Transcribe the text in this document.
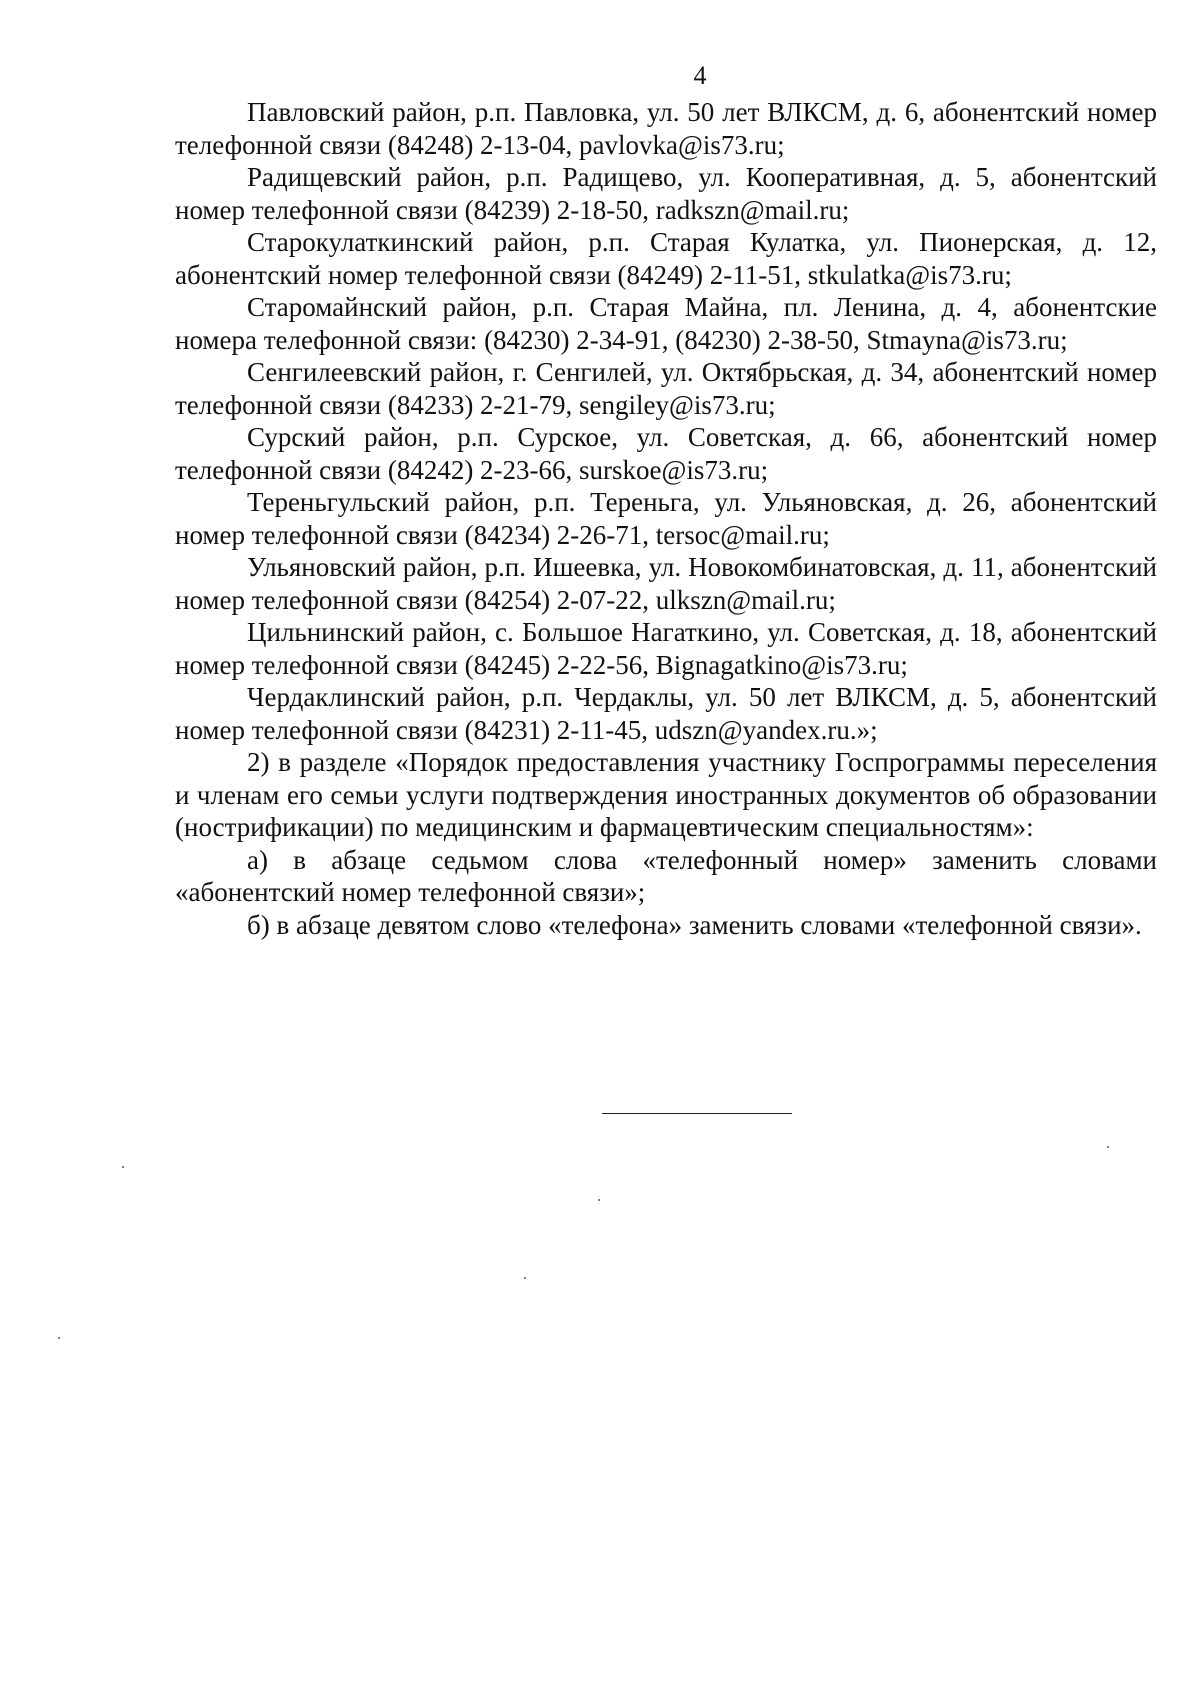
4

Павловский район, р.п. Павловка, ул. 50 лет ВЛКСМ, д. 6, абонентский номер телефонной связи (84248) 2-13-04, pavlovka@is73.ru;

Радищевский район, р.п. Радищево, ул. Кооперативная, д. 5, абонентский номер телефонной связи (84239) 2-18-50, radkszn@mail.ru;

Старокулаткинский район, р.п. Старая Кулатка, ул. Пионерская, д. 12, абонентский номер телефонной связи (84249) 2-11-51, stkulatka@is73.ru;

Старомайнский район, р.п. Старая Майна, пл. Ленина, д. 4, абонентские номера телефонной связи: (84230) 2-34-91, (84230) 2-38-50, Stmayna@is73.ru;

Сенгилеевский район, г. Сенгилей, ул. Октябрьская, д. 34, абонентский номер телефонной связи (84233) 2-21-79, sengiley@is73.ru;

Сурский район, р.п. Сурское, ул. Советская, д. 66, абонентский номер телефонной связи (84242) 2-23-66, surskoe@is73.ru;

Тереньгульский район, р.п. Тереньга, ул. Ульяновская, д. 26, абонентский номер телефонной связи (84234) 2-26-71, tersoc@mail.ru;

Ульяновский район, р.п. Ишеевка, ул. Новокомбинатовская, д. 11, абонентский номер телефонной связи (84254) 2-07-22, ulkszn@mail.ru;

Цильнинский район, с. Большое Нагаткино, ул. Советская, д. 18, абонентский номер телефонной связи (84245) 2-22-56, Bignagatkino@is73.ru;

Чердаклинский район, р.п. Чердаклы, ул. 50 лет ВЛКСМ, д. 5, абонентский номер телефонной связи (84231) 2-11-45, udszn@yandex.ru.»;

2) в разделе «Порядок предоставления участнику Госпрограммы переселения и членам его семьи услуги подтверждения иностранных документов об образовании (нострификации) по медицинским и фармацевтическим специальностям»:

а) в абзаце седьмом слова «телефонный номер» заменить словами «абонентский номер телефонной связи»;

б) в абзаце девятом слово «телефона» заменить словами «телефонной связи».
